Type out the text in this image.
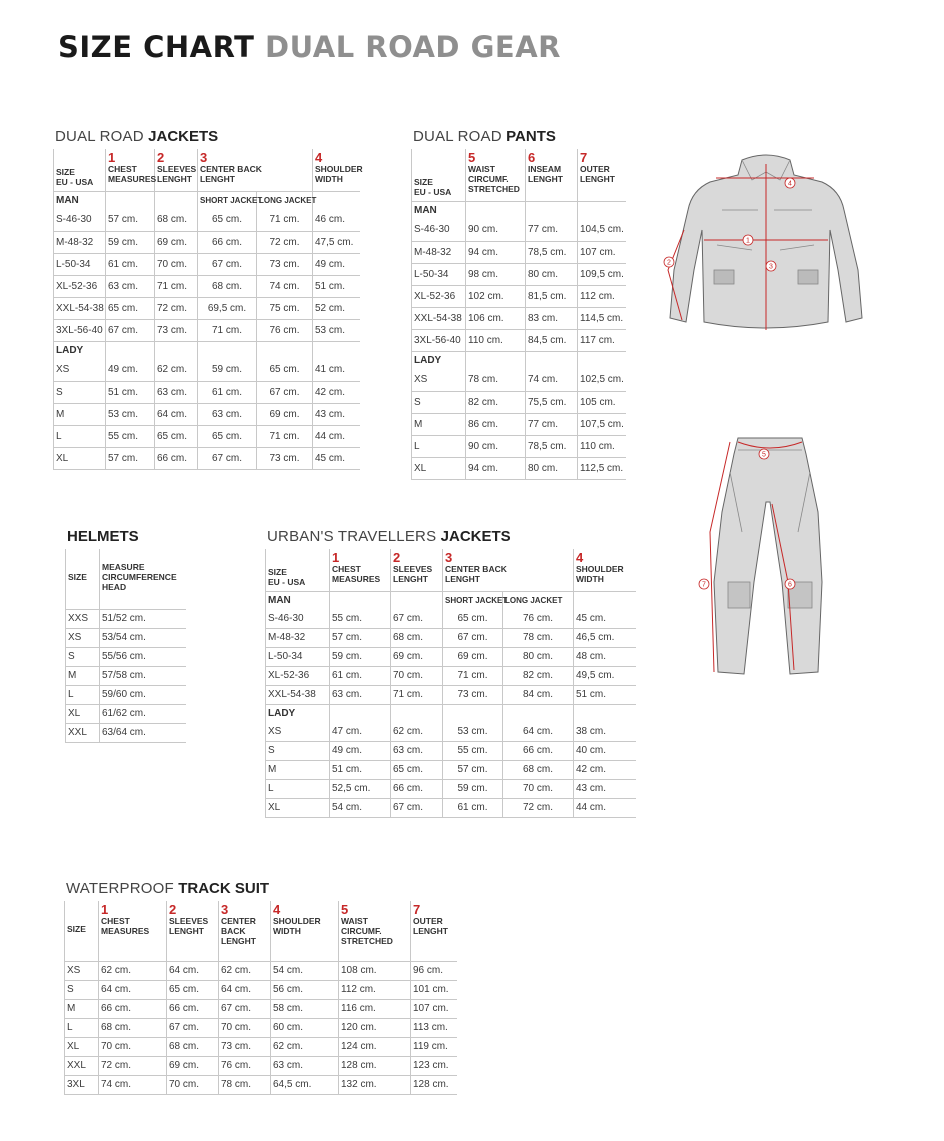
SIZE CHART DUAL ROAD GEAR
DUAL ROAD JACKETS
SIZE
EU - USA	1
CHEST
MEASURES	2
SLEEVES
LENGHT	3
CENTER BACK
LENGHT		4
SHOULDER
WIDTH

MAN			SHORT JACKET	LONG JACKET	
S-46-30	57 cm.	68 cm.	65 cm.	71 cm.	46 cm.
M-48-32	59 cm.	69 cm.	66 cm.	72 cm.	47,5 cm.
L-50-34	61 cm.	70 cm.	67 cm.	73 cm.	49 cm.
XL-52-36	63 cm.	71 cm.	68 cm.	74 cm.	51 cm.
XXL-54-38	65 cm.	72 cm.	69,5 cm.	75 cm.	52 cm.
3XL-56-40	67 cm.	73 cm.	71 cm.	76 cm.	53 cm.
LADY					
XS	49 cm.	62 cm.	59 cm.	65 cm.	41 cm.
S	51 cm.	63 cm.	61 cm.	67 cm.	42 cm.
M	53 cm.	64 cm.	63 cm.	69 cm.	43 cm.
L	55 cm.	65 cm.	65 cm.	71 cm.	44 cm.
XL	57 cm.	66 cm.	67 cm.	73 cm.	45 cm.
DUAL ROAD PANTS
SIZE
EU - USA	5
WAIST
CIRCUMF.
STRETCHED	6
INSEAM
LENGHT	7
OUTER
LENGHT

MAN			
S-46-30	90 cm.	77 cm.	104,5 cm.
M-48-32	94 cm.	78,5 cm.	107 cm.
L-50-34	98 cm.	80 cm.	109,5 cm.
XL-52-36	102 cm.	81,5 cm.	112 cm.
XXL-54-38	106 cm.	83 cm.	114,5 cm.
3XL-56-40	110 cm.	84,5 cm.	117 cm.
LADY			
XS	78 cm.	74 cm.	102,5 cm.
S	82 cm.	75,5 cm.	105 cm.
M	86 cm.	77 cm.	107,5 cm.
L	90 cm.	78,5 cm.	110 cm.
XL	94 cm.	80 cm.	112,5 cm.
HELMETS
SIZE	MEASURE
CIRCUMFERENCE
HEAD

XXS	51/52 cm.
XS	53/54 cm.
S	55/56 cm.
M	57/58 cm.
L	59/60 cm.
XL	61/62 cm.
XXL	63/64 cm.
URBAN'S TRAVELLERS JACKETS
SIZE
EU - USA	1
CHEST
MEASURES	2
SLEEVES
LENGHT	3
CENTER BACK
LENGHT		4
SHOULDER
WIDTH

MAN			SHORT JACKET	LONG JACKET	
S-46-30	55 cm.	67 cm.	65 cm.	76 cm.	45 cm.
M-48-32	57 cm.	68 cm.	67 cm.	78 cm.	46,5 cm.
L-50-34	59 cm.	69 cm.	69 cm.	80 cm.	48 cm.
XL-52-36	61 cm.	70 cm.	71 cm.	82 cm.	49,5 cm.
XXL-54-38	63 cm.	71 cm.	73 cm.	84 cm.	51 cm.
LADY					
XS	47 cm.	62 cm.	53 cm.	64 cm.	38 cm.
S	49 cm.	63 cm.	55 cm.	66 cm.	40 cm.
M	51 cm.	65 cm.	57 cm.	68 cm.	42 cm.
L	52,5 cm.	66 cm.	59 cm.	70 cm.	43 cm.
XL	54 cm.	67 cm.	61 cm.	72 cm.	44 cm.
WATERPROOF TRACK SUIT
SIZE	1
CHEST
MEASURES	2
SLEEVES
LENGHT	3
CENTER
BACK
LENGHT	4
SHOULDER
WIDTH	5
WAIST
CIRCUMF.
STRETCHED	7
OUTER
LENGHT

XS	62 cm.	64 cm.	62 cm.	54 cm.	108 cm.	96 cm.
S	64 cm.	65 cm.	64 cm.	56 cm.	112 cm.	101 cm.
M	66 cm.	66 cm.	67 cm.	58 cm.	116 cm.	107 cm.
L	68 cm.	67 cm.	70 cm.	60 cm.	120 cm.	113 cm.
XL	70 cm.	68 cm.	73 cm.	62 cm.	124 cm.	119 cm.
XXL	72 cm.	69 cm.	76 cm.	63 cm.	128 cm.	123 cm.
3XL	74 cm.	70 cm.	78 cm.	64,5 cm.	132 cm.	128 cm.
1
2
3
4
5
6
7
